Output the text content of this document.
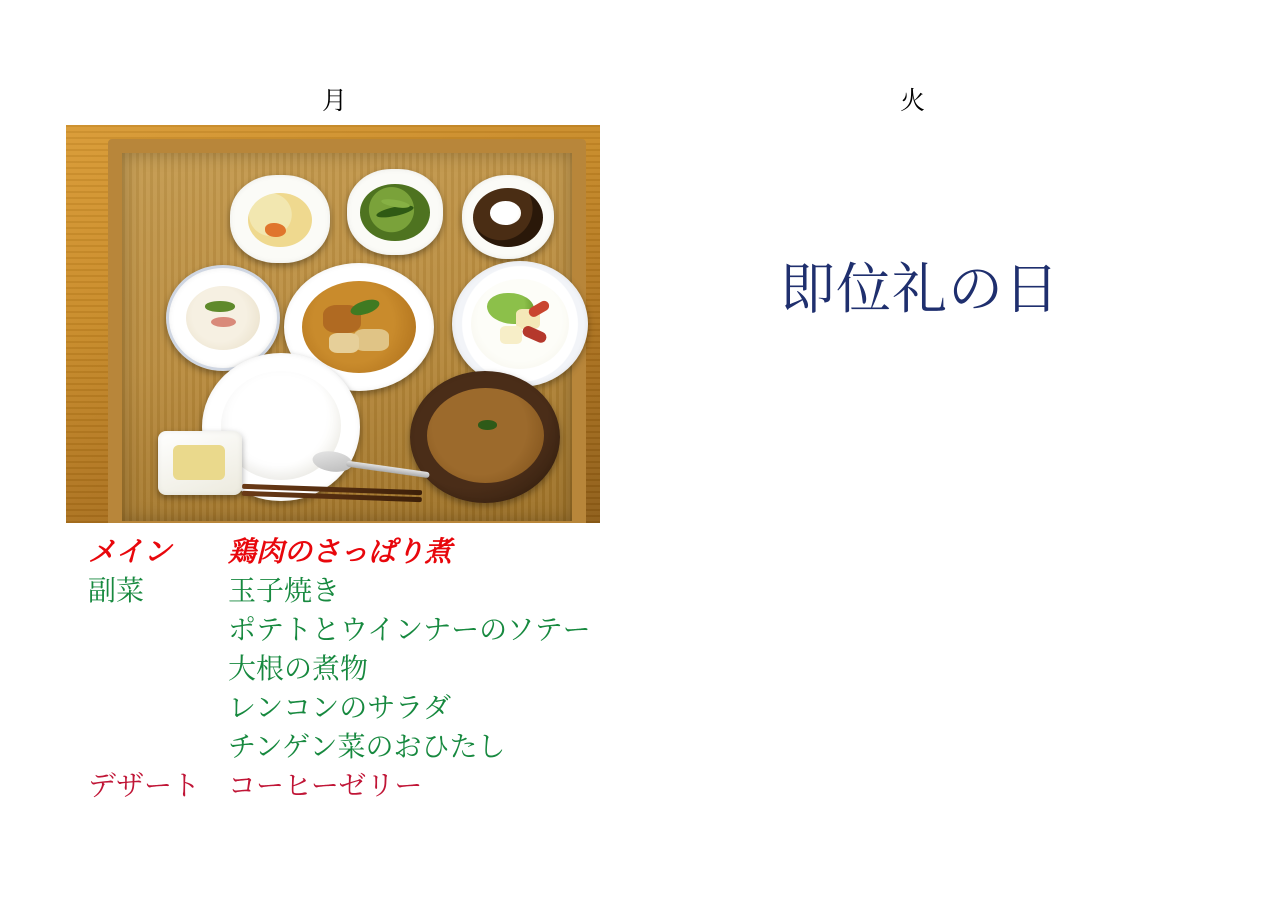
月	火
メイン	鶏肉のさっぱり煮
副菜	玉子焼き
ポテトとウインナーのソテー
大根の煮物
レンコンのサラダ
チンゲン菜のおひたし
デザート コーヒーゼリー
即位礼の日
